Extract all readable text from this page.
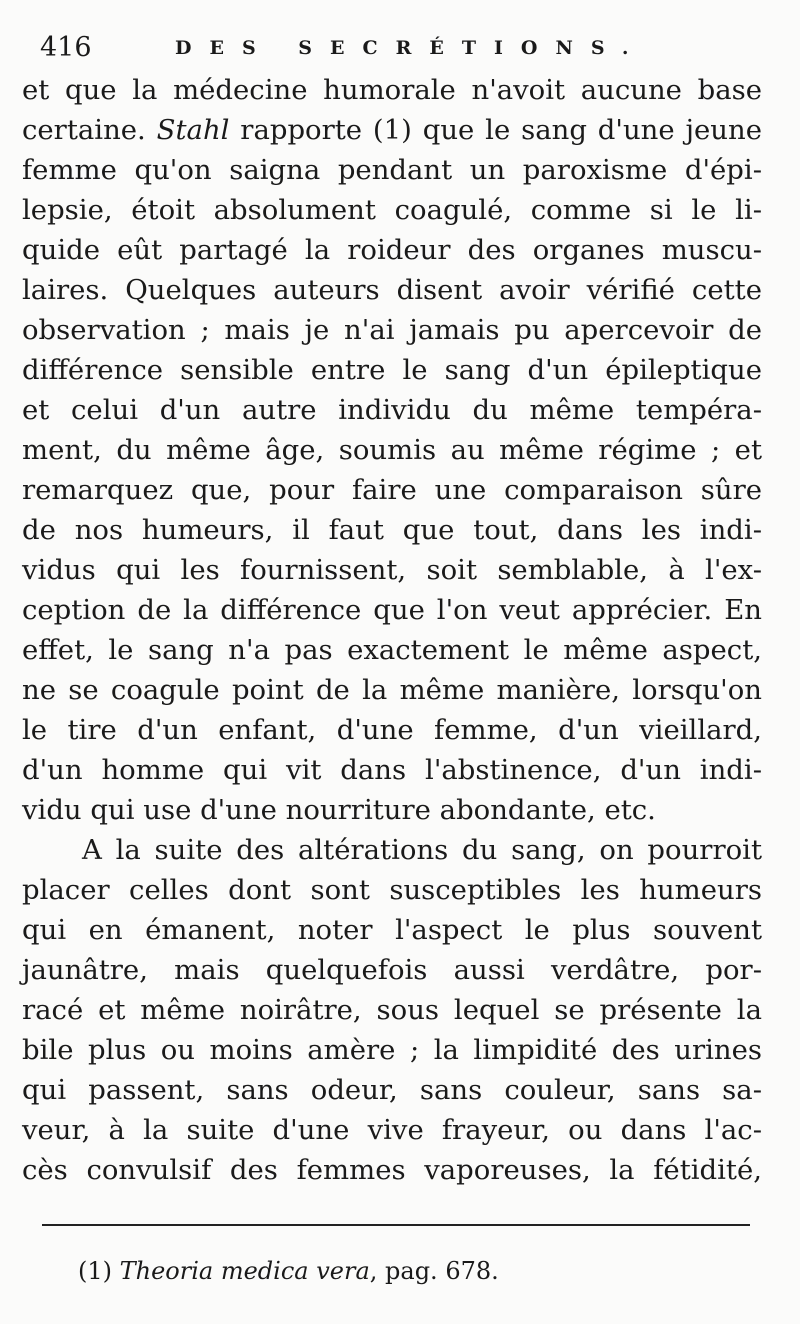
416	DES SECRÉTIONS.
et que la médecine humorale n'avoit aucune base
certaine. Stahl rapporte (1) que le sang d'une jeune
femme qu'on saigna pendant un paroxisme d'épi-
lepsie, étoit absolument coagulé, comme si le li-
quide eût partagé la roideur des organes muscu-
laires. Quelques auteurs disent avoir vérifié cette
observation ; mais je n'ai jamais pu apercevoir de
différence sensible entre le sang d'un épileptique
et celui d'un autre individu du même tempéra-
ment, du même âge, soumis au même régime ; et
remarquez que, pour faire une comparaison sûre
de nos humeurs, il faut que tout, dans les indi-
vidus qui les fournissent, soit semblable, à l'ex-
ception de la différence que l'on veut apprécier. En
effet, le sang n'a pas exactement le même aspect,
ne se coagule point de la même manière, lorsqu'on
le tire d'un enfant, d'une femme, d'un vieillard,
d'un homme qui vit dans l'abstinence, d'un indi-
vidu qui use d'une nourriture abondante, etc.
A la suite des altérations du sang, on pourroit
placer celles dont sont susceptibles les humeurs
qui en émanent, noter l'aspect le plus souvent
jaunâtre, mais quelquefois aussi verdâtre, por-
racé et même noirâtre, sous lequel se présente la
bile plus ou moins amère ; la limpidité des urines
qui passent, sans odeur, sans couleur, sans sa-
veur, à la suite d'une vive frayeur, ou dans l'ac-
cès convulsif des femmes vaporeuses, la fétidité,
(1) Theoria medica vera, pag. 678.
